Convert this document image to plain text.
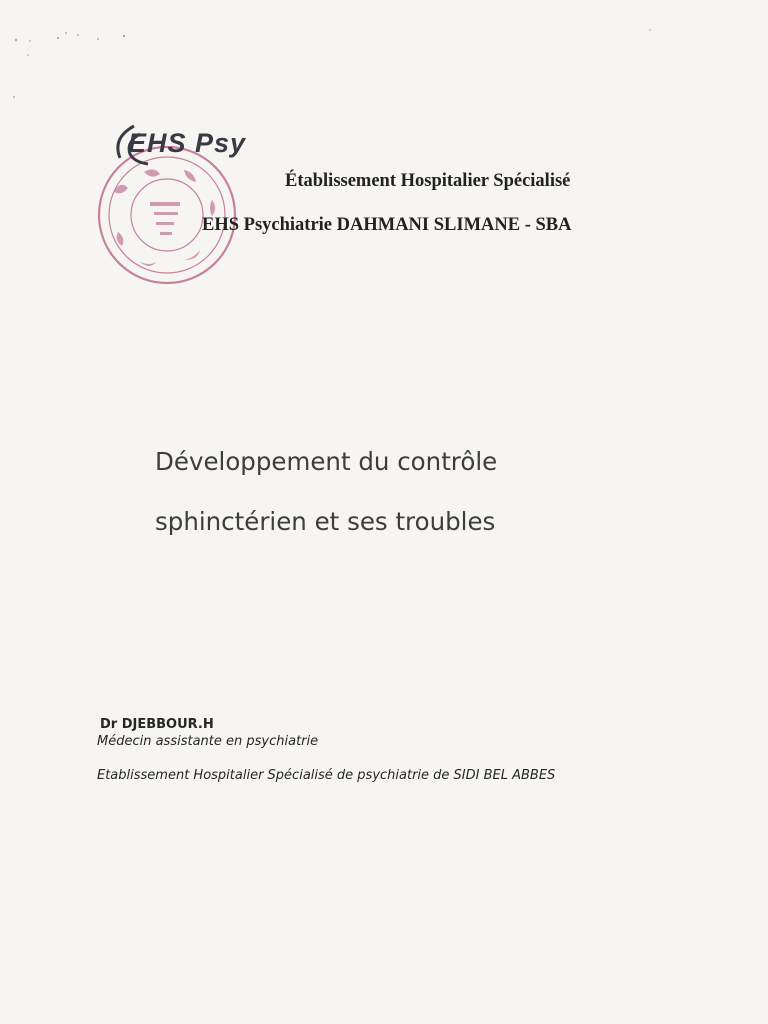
EHS Psy
Établissement Hospitalier Spécialisé
EHS Psychiatrie DAHMANI SLIMANE - SBA
Développement du contrôle
sphinctérien et ses troubles
Dr DJEBBOUR.H
Médecin assistante en psychiatrie
Etablissement Hospitalier Spécialisé de psychiatrie de SIDI BEL ABBES
